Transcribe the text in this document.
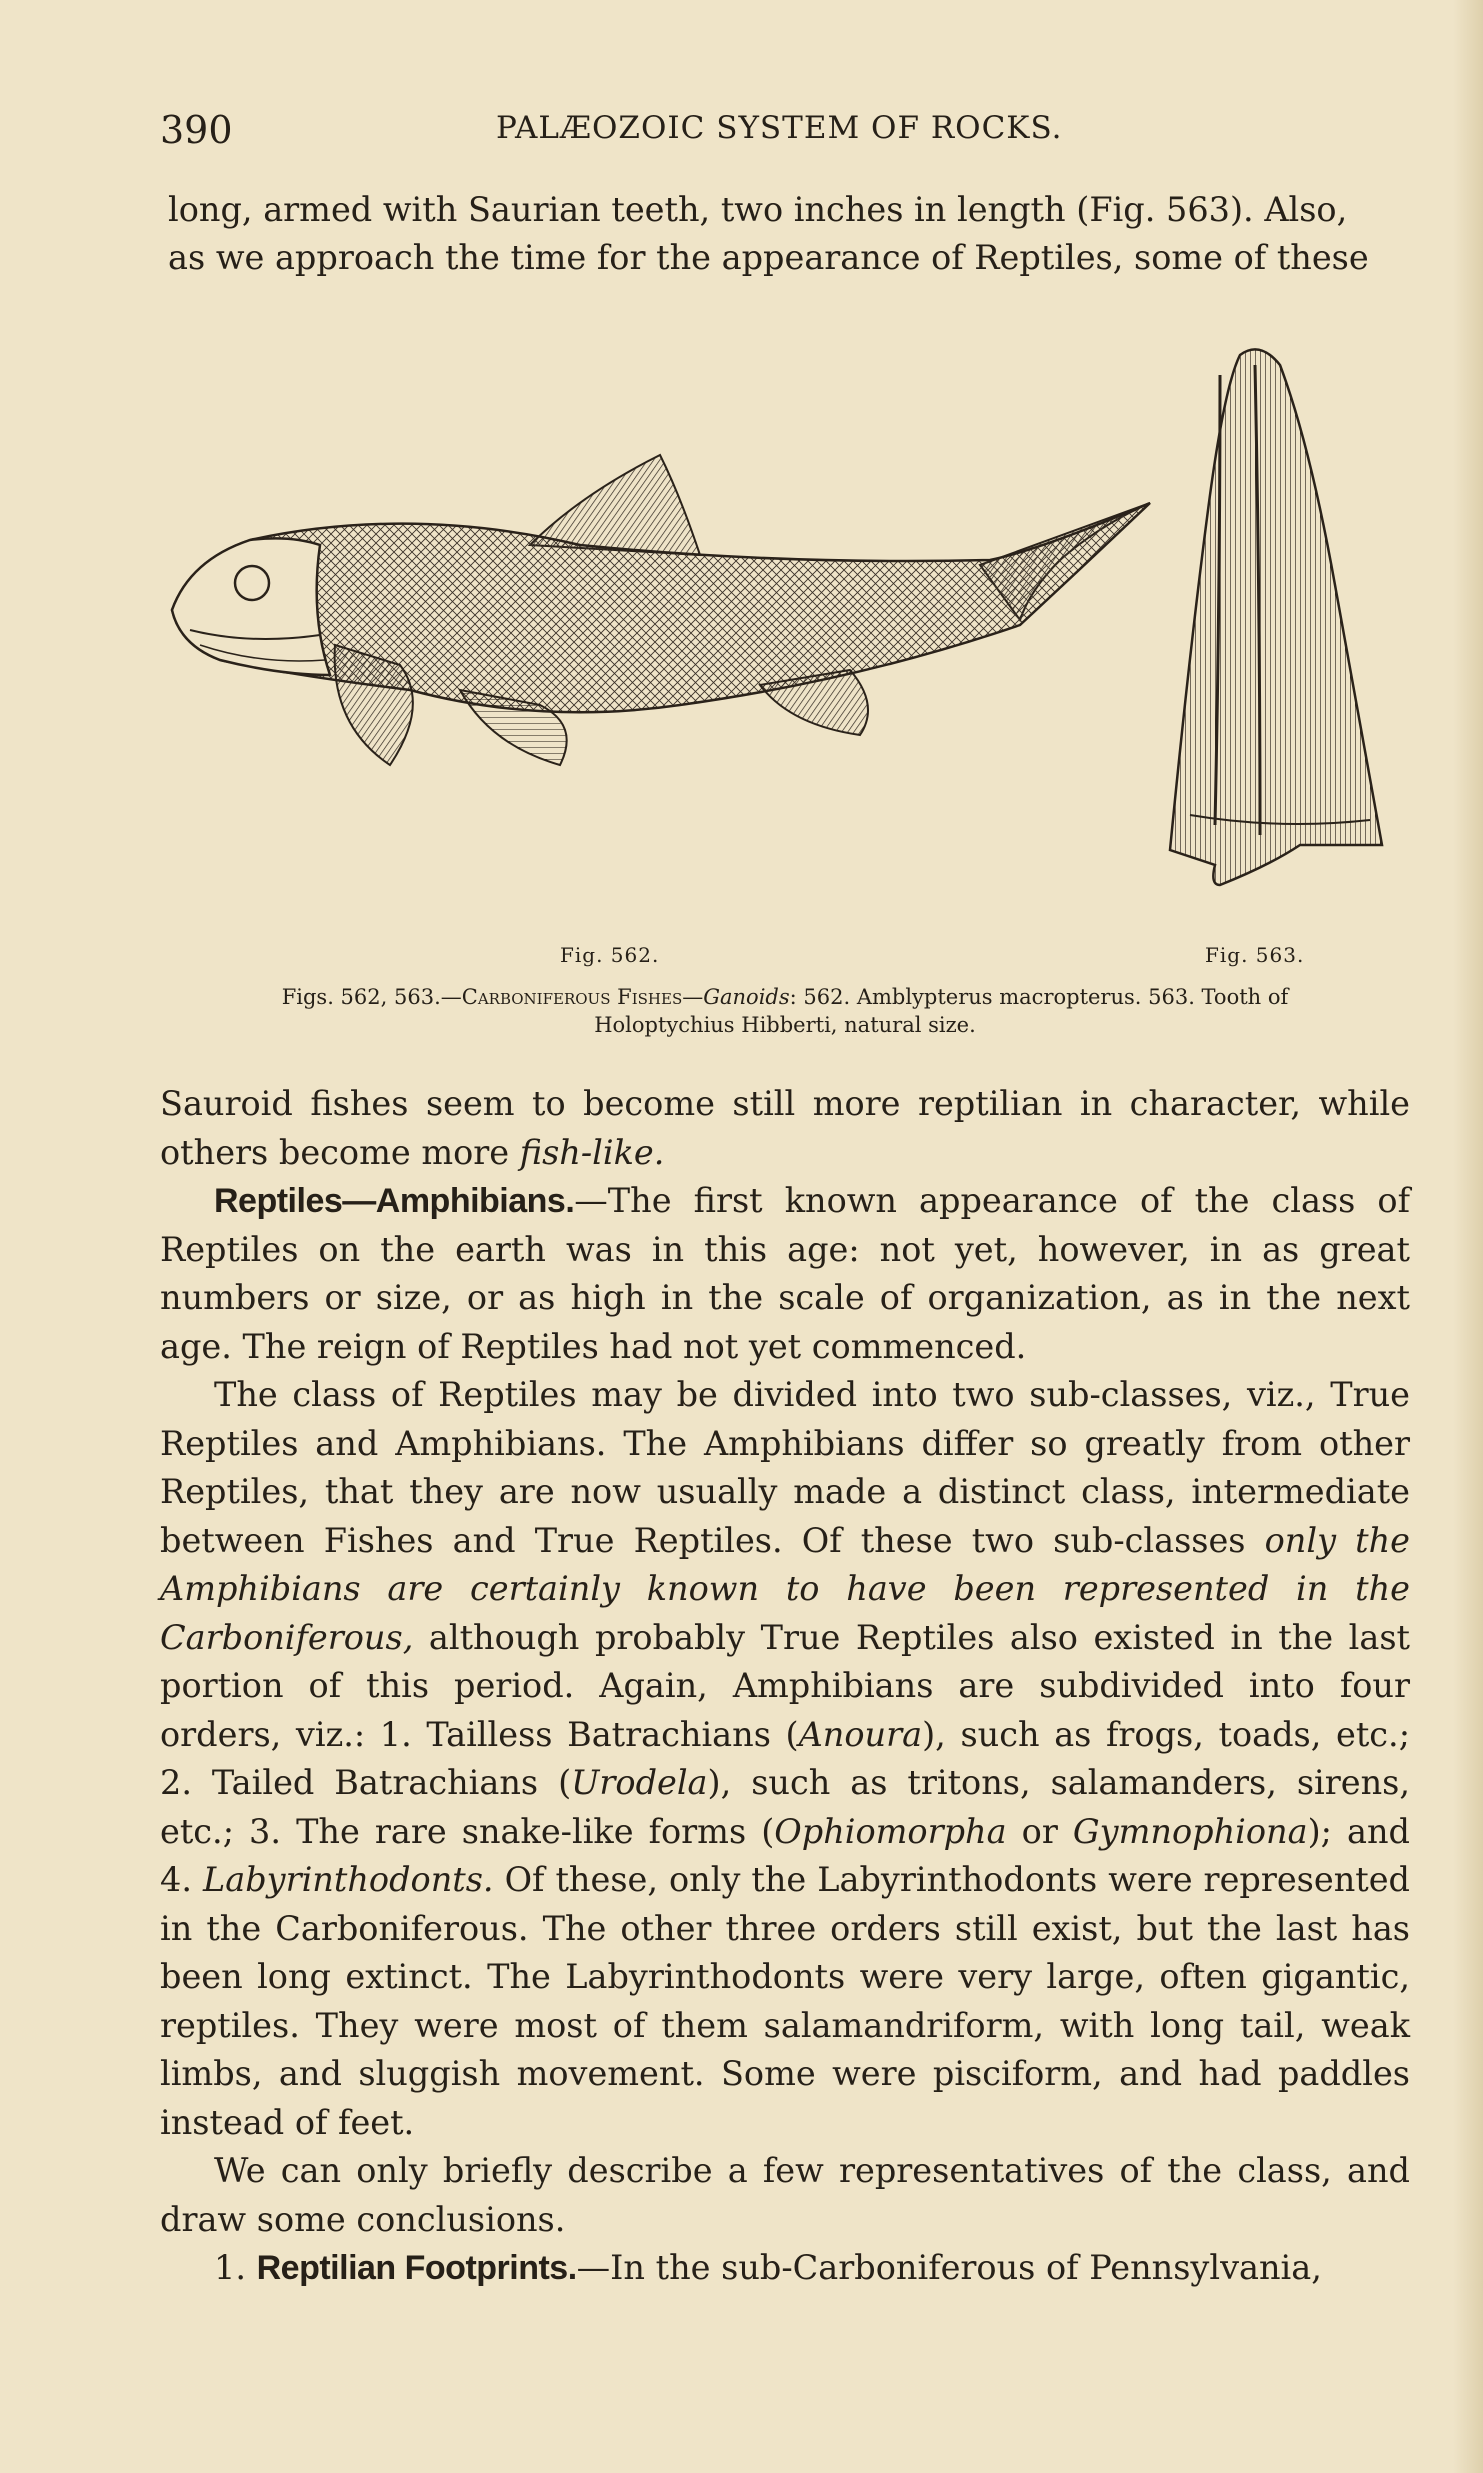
390	PALÆOZOIC SYSTEM OF ROCKS.
long, armed with Saurian teeth, two inches in length (Fig. 563). Also,
as we approach the time for the appearance of Reptiles, some of these
Fig. 562.	Fig. 563.
Figs. 562, 563.—Carboniferous Fishes—Ganoids: 562. Amblypterus macropterus. 563. Tooth of
Holoptychius Hibberti, natural size.

Sauroid fishes seem to become still more reptilian in character, while others become more fish-like.

Reptiles—Amphibians.—The first known appearance of the class of Reptiles on the earth was in this age: not yet, however, in as great numbers or size, or as high in the scale of organization, as in the next age. The reign of Reptiles had not yet commenced.

The class of Reptiles may be divided into two sub-classes, viz., True Reptiles and Amphibians. The Amphibians differ so greatly from other Reptiles, that they are now usually made a distinct class, intermediate between Fishes and True Reptiles. Of these two sub-classes only the Amphibians are certainly known to have been represented in the Carboniferous, although probably True Reptiles also existed in the last portion of this period. Again, Amphibians are subdivided into four orders, viz.: 1. Tailless Batrachians (Anoura), such as frogs, toads, etc.; 2. Tailed Batrachians (Urodela), such as tritons, salamanders, sirens, etc.; 3. The rare snake-like forms (Ophiomorpha or Gymnophiona); and 4. Labyrinthodonts. Of these, only the Labyrinthodonts were represented in the Carboniferous. The other three orders still exist, but the last has been long extinct. The Labyrinthodonts were very large, often gigantic, reptiles. They were most of them salamandriform, with long tail, weak limbs, and sluggish movement. Some were pisciform, and had paddles instead of feet.

We can only briefly describe a few representatives of the class, and draw some conclusions.

1. Reptilian Footprints.—In the sub-Carboniferous of Pennsylvania,
